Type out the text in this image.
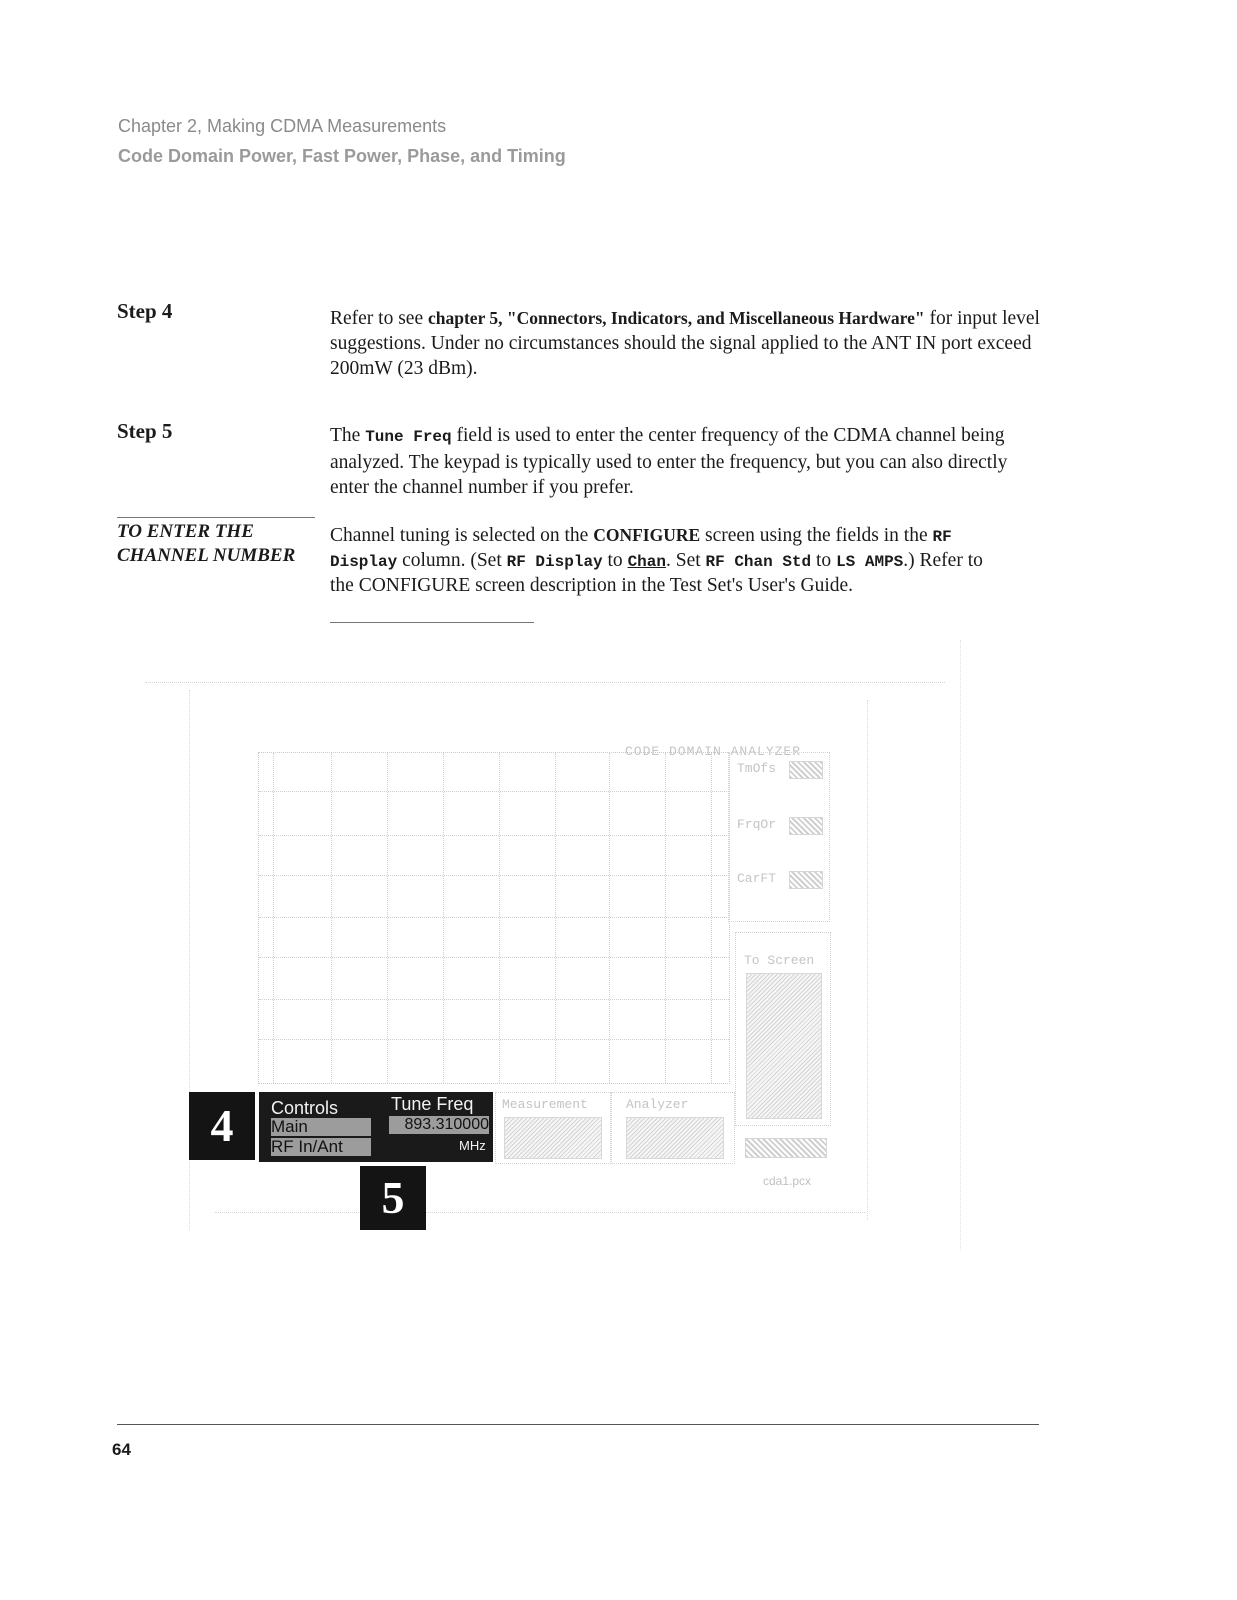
Chapter 2, Making CDMA Measurements
Code Domain Power, Fast Power, Phase, and Timing
Step 4	Refer to see chapter 5, "Connectors, Indicators, and Miscellaneous Hardware" for input level suggestions. Under no circumstances should the signal applied to the ANT IN port exceed 200mW (23 dBm).
Step 5	The Tune Freq field is used to enter the center frequency of the CDMA channel being analyzed. The keypad is typically used to enter the frequency, but you can also directly enter the channel number if you prefer.
TO ENTER THE
CHANNEL NUMBER
Channel tuning is selected on the CONFIGURE screen using the fields in the RF Display column. (Set RF Display to Chan. Set RF Chan Std to LS AMPS.) Refer to the CONFIGURE screen description in the Test Set's User's Guide.
CODE DOMAIN ANALYZER
TmOfs
FrqOr
CarFT
To Screen
Controls
Main
RF In/Ant
Tune Freq
893.310000
MHz
Measurement	Analyzer
4
5	cda1.pcx
64
